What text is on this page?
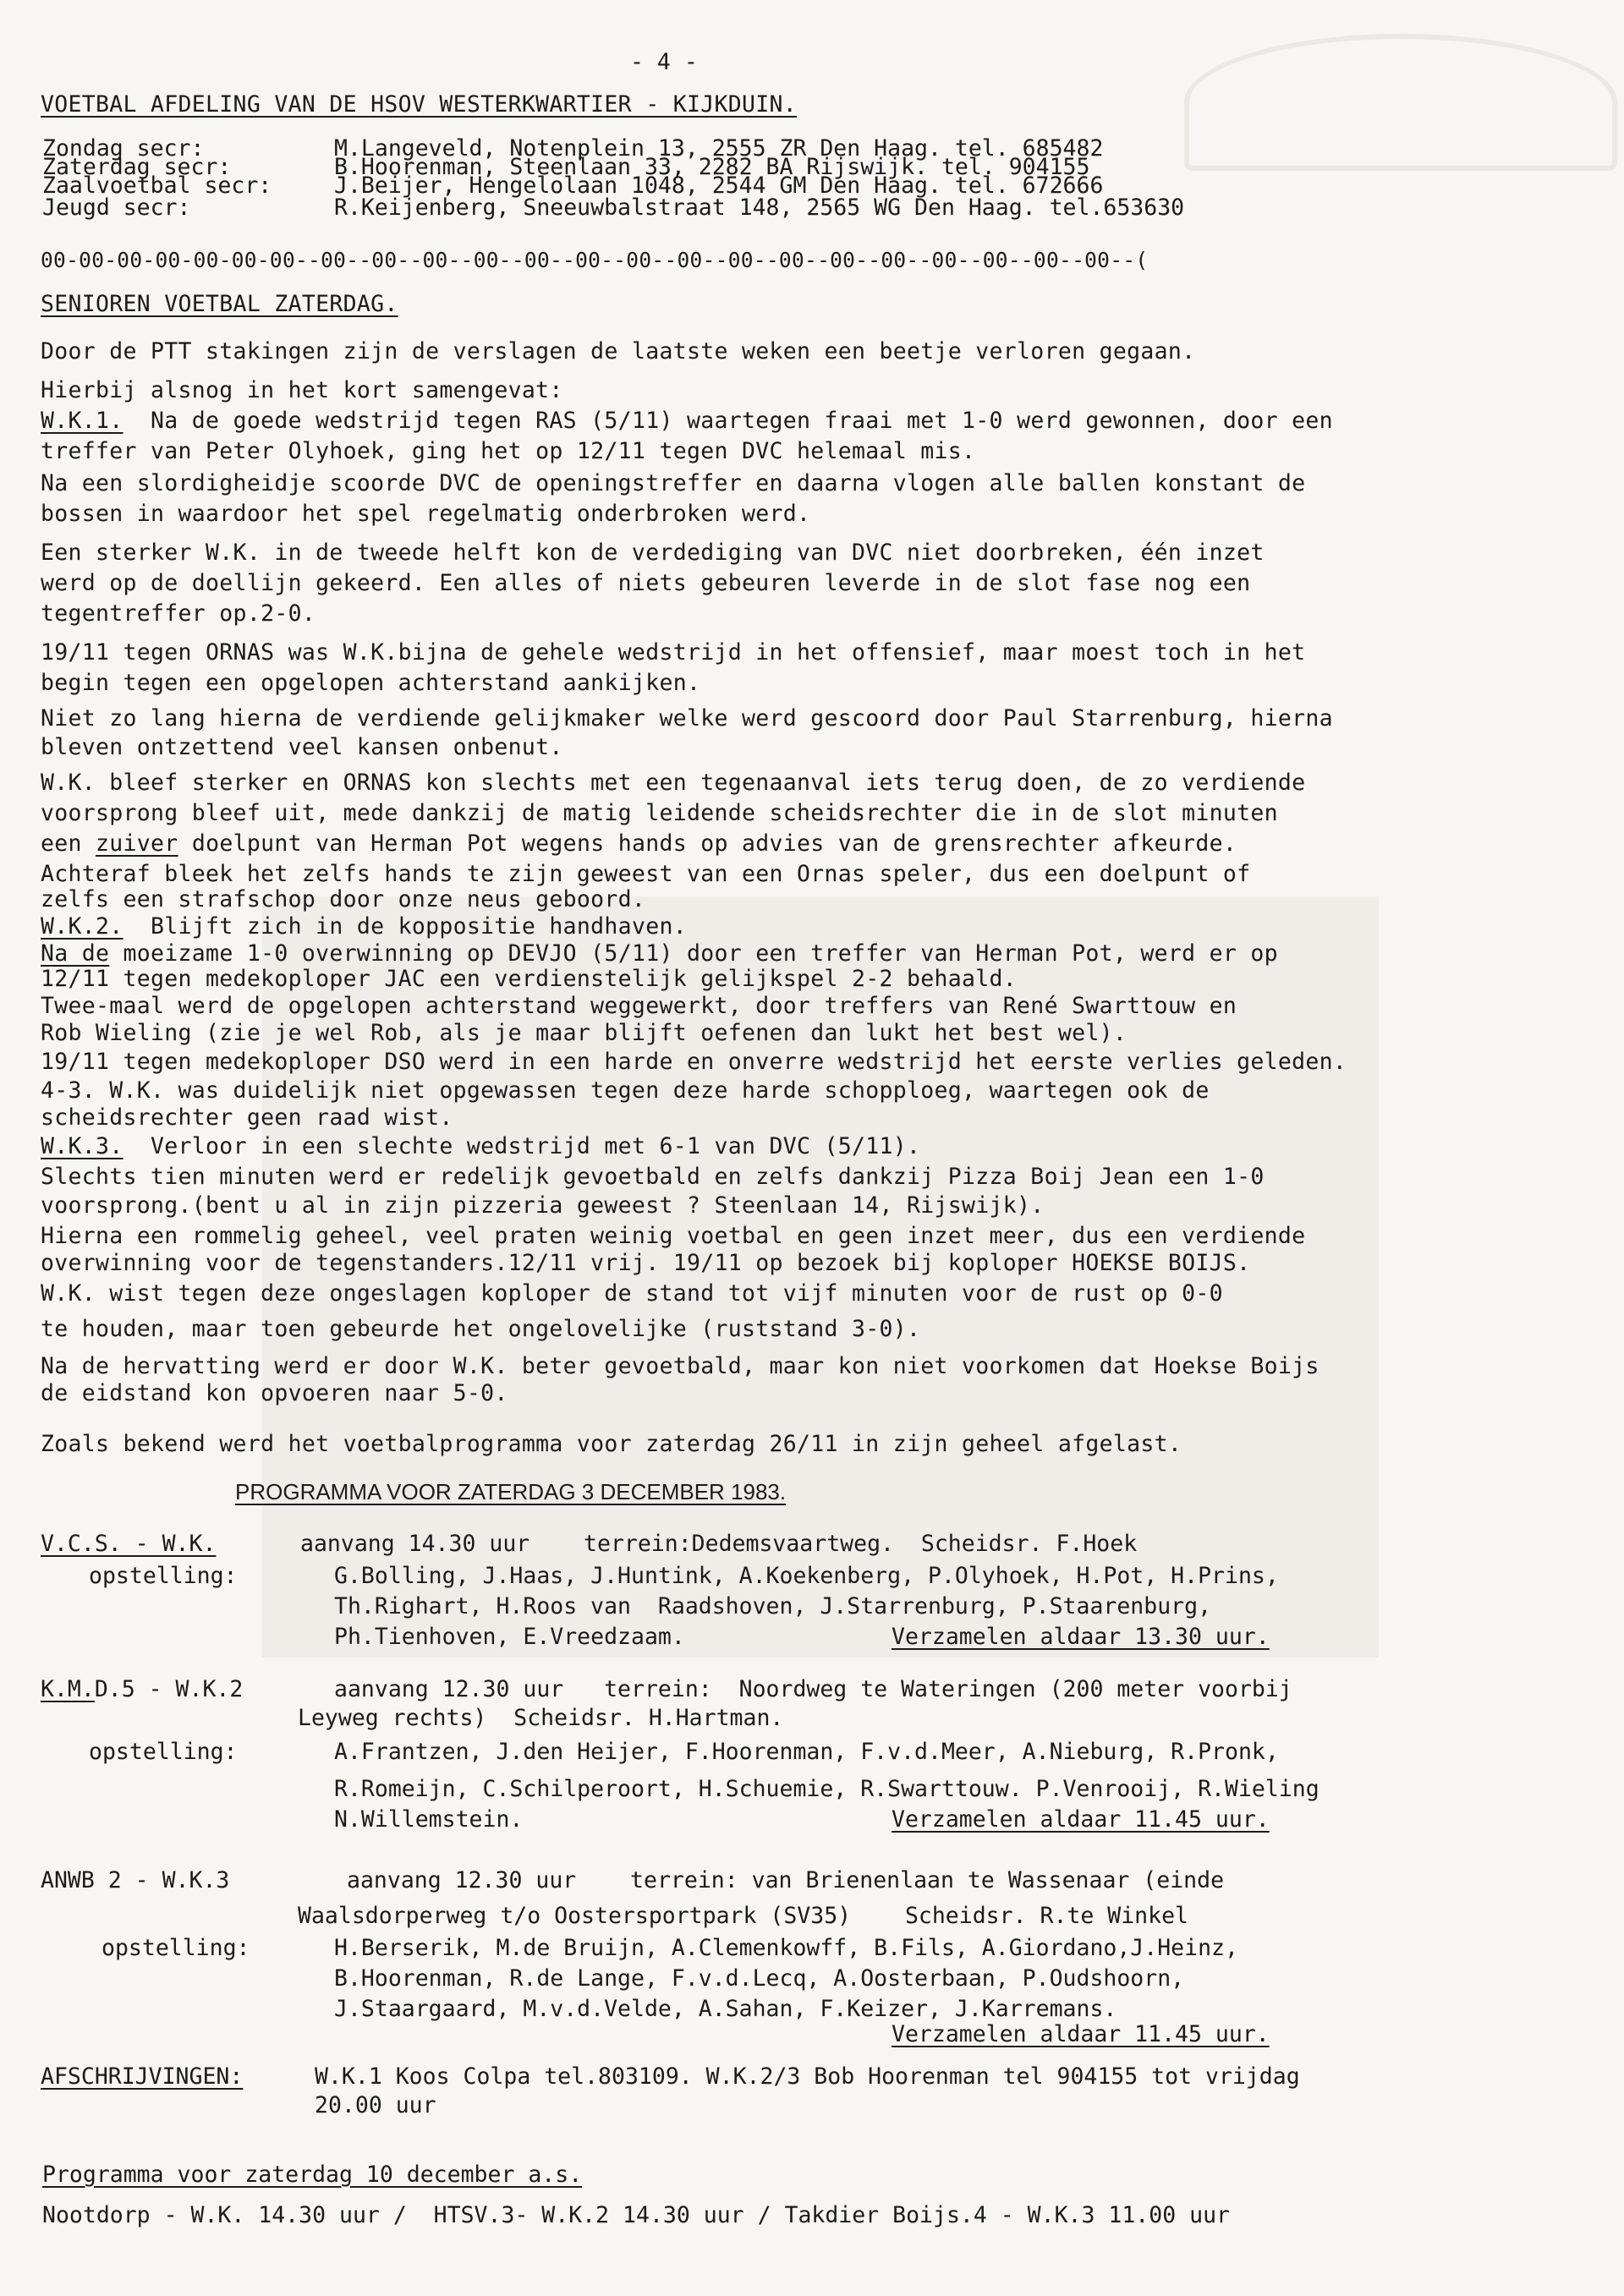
- 4 -
VOETBAL AFDELING VAN DE HSOV WESTERKWARTIER - KIJKDUIN.
Zondag secr:	M.Langeveld, Notenplein 13, 2555 ZR Den Haag. tel. 685482
Zaterdag secr:	B.Hoorenman, Steenlaan 33, 2282 BA Rijswijk. tel. 904155
Zaalvoetbal secr:	J.Beijer, Hengelolaan 1048, 2544 GM Den Haag. tel. 672666
Jeugd secr:	R.Keijenberg, Sneeuwbalstraat 148, 2565 WG Den Haag. tel.653630
00-00-00-00-00-00-00--00--00--00--00--00--00--00--00--00--00--00--00--00--00--00--00--(
SENIOREN VOETBAL ZATERDAG.
Door de PTT stakingen zijn de verslagen de laatste weken een beetje verloren gegaan.
Hierbij alsnog in het kort samengevat:
W.K.1.  Na de goede wedstrijd tegen RAS (5/11) waartegen fraai met 1-0 werd gewonnen, door een
treffer van Peter Olyhoek, ging het op 12/11 tegen DVC helemaal mis.
Na een slordigheidje scoorde DVC de openingstreffer en daarna vlogen alle ballen konstant de
bossen in waardoor het spel regelmatig onderbroken werd.
Een sterker W.K. in de tweede helft kon de verdediging van DVC niet doorbreken, één inzet
werd op de doellijn gekeerd. Een alles of niets gebeuren leverde in de slot fase nog een
tegentreffer op.2-0.
19/11 tegen ORNAS was W.K.bijna de gehele wedstrijd in het offensief, maar moest toch in het
begin tegen een opgelopen achterstand aankijken.
Niet zo lang hierna de verdiende gelijkmaker welke werd gescoord door Paul Starrenburg, hierna
bleven ontzettend veel kansen onbenut.
W.K. bleef sterker en ORNAS kon slechts met een tegenaanval iets terug doen, de zo verdiende
voorsprong bleef uit, mede dankzij de matig leidende scheidsrechter die in de slot minuten
een zuiver doelpunt van Herman Pot wegens hands op advies van de grensrechter afkeurde.
Achteraf bleek het zelfs hands te zijn geweest van een Ornas speler, dus een doelpunt of
zelfs een strafschop door onze neus geboord.
W.K.2.  Blijft zich in de koppositie handhaven.
Na de moeizame 1-0 overwinning op DEVJO (5/11) door een treffer van Herman Pot, werd er op
12/11 tegen medekoploper JAC een verdienstelijk gelijkspel 2-2 behaald.
Twee-maal werd de opgelopen achterstand weggewerkt, door treffers van René Swarttouw en
Rob Wieling (zie je wel Rob, als je maar blijft oefenen dan lukt het best wel).
19/11 tegen medekoploper DSO werd in een harde en onverre wedstrijd het eerste verlies geleden.
4-3. W.K. was duidelijk niet opgewassen tegen deze harde schopploeg, waartegen ook de
scheidsrechter geen raad wist.
W.K.3.  Verloor in een slechte wedstrijd met 6-1 van DVC (5/11).
Slechts tien minuten werd er redelijk gevoetbald en zelfs dankzij Pizza Boij Jean een 1-0
voorsprong.(bent u al in zijn pizzeria geweest ? Steenlaan 14, Rijswijk).
Hierna een rommelig geheel, veel praten weinig voetbal en geen inzet meer, dus een verdiende
overwinning voor de tegenstanders.12/11 vrij. 19/11 op bezoek bij koploper HOEKSE BOIJS.
W.K. wist tegen deze ongeslagen koploper de stand tot vijf minuten voor de rust op 0-0
te houden, maar toen gebeurde het ongelovelijke (ruststand 3-0).
Na de hervatting werd er door W.K. beter gevoetbald, maar kon niet voorkomen dat Hoekse Boijs
de eidstand kon opvoeren naar 5-0.
Zoals bekend werd het voetbalprogramma voor zaterdag 26/11 in zijn geheel afgelast.
PROGRAMMA VOOR ZATERDAG 3 DECEMBER 1983.
V.C.S. - W.K.	aanvang 14.30 uur    terrein:Dedemsvaartweg.  Scheidsr. F.Hoek
opstelling:	G.Bolling, J.Haas, J.Huntink, A.Koekenberg, P.Olyhoek, H.Pot, H.Prins,
Th.Righart, H.Roos van  Raadshoven, J.Starrenburg, P.Staarenburg,
Ph.Tienhoven, E.Vreedzaam.	Verzamelen aldaar 13.30 uur.
K.M.D.5 - W.K.2	aanvang 12.30 uur   terrein:  Noordweg te Wateringen (200 meter voorbij
Leyweg rechts)  Scheidsr. H.Hartman.
opstelling:	A.Frantzen, J.den Heijer, F.Hoorenman, F.v.d.Meer, A.Nieburg, R.Pronk,
R.Romeijn, C.Schilperoort, H.Schuemie, R.Swarttouw. P.Venrooij, R.Wieling
N.Willemstein.	Verzamelen aldaar 11.45 uur.
ANWB 2 - W.K.3	aanvang 12.30 uur    terrein: van Brienenlaan te Wassenaar (einde
Waalsdorperweg t/o Oostersportpark (SV35)    Scheidsr. R.te Winkel
opstelling:	H.Berserik, M.de Bruijn, A.Clemenkowff, B.Fils, A.Giordano,J.Heinz,
B.Hoorenman, R.de Lange, F.v.d.Lecq, A.Oosterbaan, P.Oudshoorn,
J.Staargaard, M.v.d.Velde, A.Sahan, F.Keizer, J.Karremans.
Verzamelen aldaar 11.45 uur.
AFSCHRIJVINGEN:	W.K.1 Koos Colpa tel.803109. W.K.2/3 Bob Hoorenman tel 904155 tot vrijdag
20.00 uur
Programma voor zaterdag 10 december a.s.
Nootdorp - W.K. 14.30 uur /  HTSV.3- W.K.2 14.30 uur / Takdier Boijs.4 - W.K.3 11.00 uur
